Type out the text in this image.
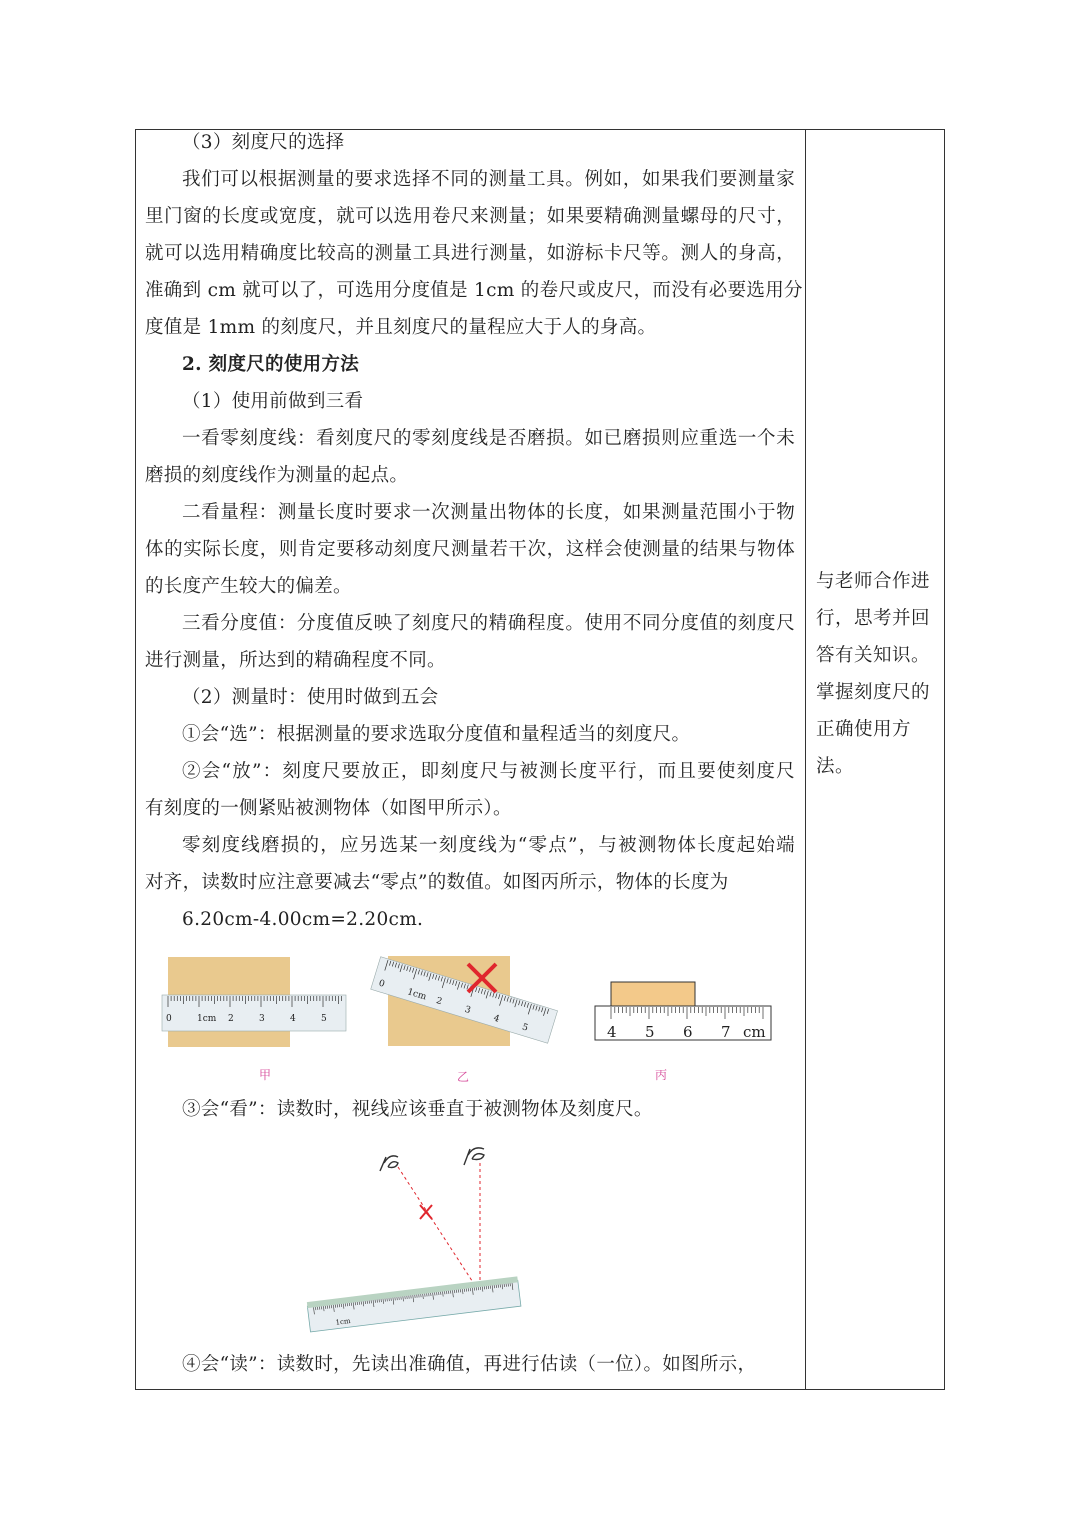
（3）刻度尺的选择
我们可以根据测量的要求选择不同的测量工具。例如，如果我们要测量家
里门窗的长度或宽度，就可以选用卷尺来测量；如果要精确测量螺母的尺寸，
就可以选用精确度比较高的测量工具进行测量，如游标卡尺等。测人的身高，
准确到 cm 就可以了，可选用分度值是 1cm 的卷尺或皮尺，而没有必要选用分
度值是 1mm 的刻度尺，并且刻度尺的量程应大于人的身高。
2. 刻度尺的使用方法
（1）使用前做到三看
一看零刻度线：看刻度尺的零刻度线是否磨损。如已磨损则应重选一个未
磨损的刻度线作为测量的起点。
二看量程：测量长度时要求一次测量出物体的长度，如果测量范围小于物
体的实际长度，则肯定要移动刻度尺测量若干次，这样会使测量的结果与物体
的长度产生较大的偏差。
三看分度值：分度值反映了刻度尺的精确程度。使用不同分度值的刻度尺
进行测量，所达到的精确程度不同。
（2）测量时：使用时做到五会
①会“选”：根据测量的要求选取分度值和量程适当的刻度尺。
②会“放”：刻度尺要放正，即刻度尺与被测长度平行，而且要使刻度尺
有刻度的一侧紧贴被测物体（如图甲所示）。
零刻度线磨损的，应另选某一刻度线为“零点”，与被测物体长度起始端
对齐，读数时应注意要减去“零点”的数值。如图丙所示，物体的长度为
6.20cm-4.00cm=2.20cm.
③会“看”：读数时，视线应该垂直于被测物体及刻度尺。
④会“读”：读数时，先读出准确值，再进行估读（一位）。如图所示，
0	1cm 2	3	4	5
0
1cm 2
3
4
5	4 5 6 7 cm
甲	乙	丙
1cm
与老师合作进
行，思考并回
答有关知识。
掌握刻度尺的
正确使用方
法。
